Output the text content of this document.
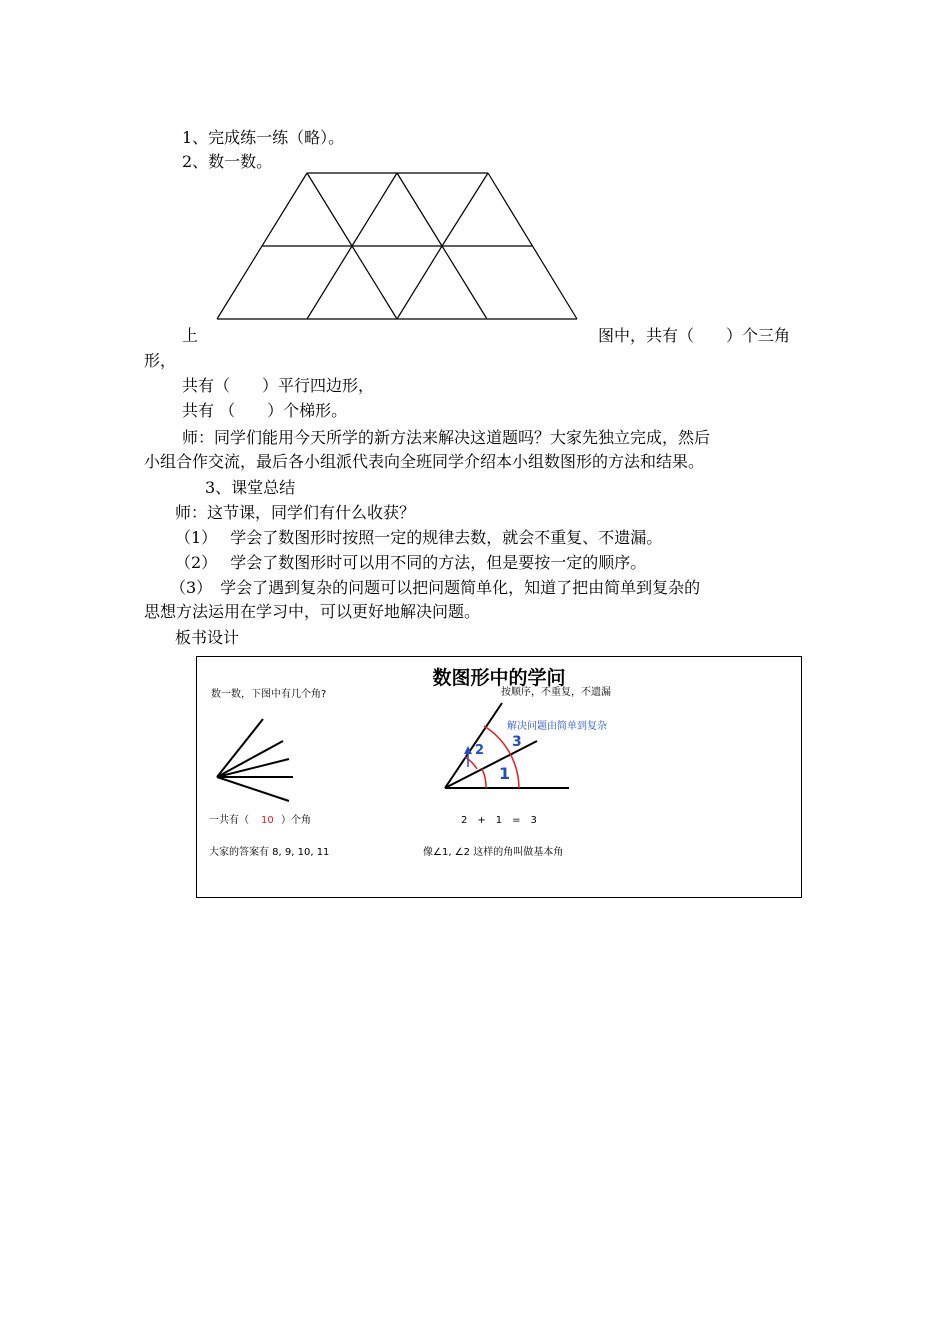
1、完成练一练（略）。
2、数一数。
上	图中，共有（　　）个三角
形，
共有（　　）平行四边形，
共有 （　　）个梯形。
师：同学们能用今天所学的新方法来解决这道题吗？大家先独立完成，然后
小组合作交流，最后各小组派代表向全班同学介绍本小组数图形的方法和结果。
3、课堂总结
师：这节课，同学们有什么收获？
（1）　 学会了数图形时按照一定的规律去数，就会不重复、不遗漏。
（2）　 学会了数图形时可以用不同的方法，但是要按一定的顺序。
（3）　学会了遇到复杂的问题可以把问题简单化，知道了把由简单到复杂的
思想方法运用在学习中，可以更好地解决问题。
板书设计
数图形中的学问
数一数，下图中有几个角?
一共有（ 10 ）个角
大家的答案有 8, 9, 10, 11
按顺序，不重复，不遗漏
解决问题由简单到复杂
1
2
3
2　+　1　=　3
像∠1, ∠2 这样的角叫做基本角
